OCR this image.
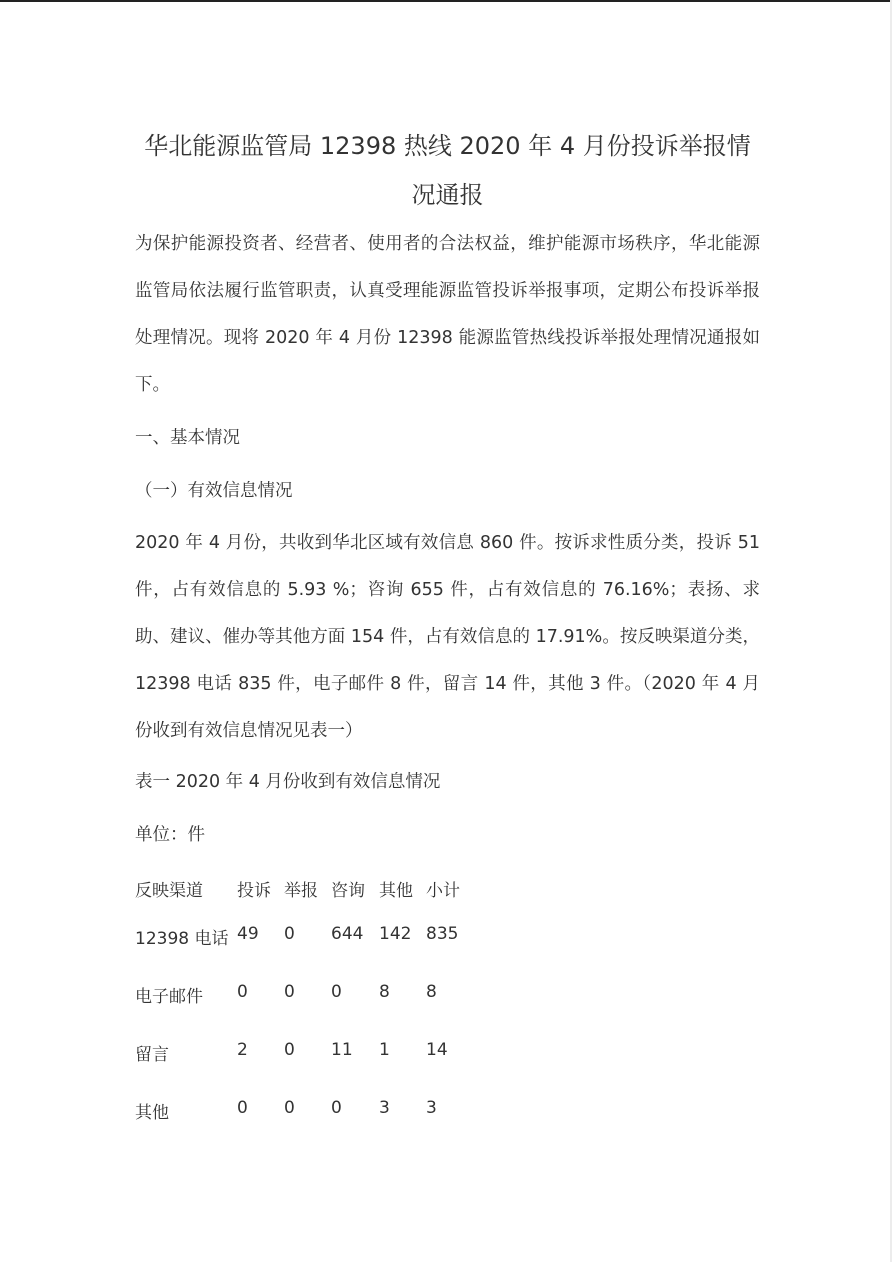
华北能源监管局 12398 热线 2020 年 4 月份投诉举报情况通报
为保护能源投资者、经营者、使用者的合法权益，维护能源市场秩序，华北能源监管局依法履行监管职责，认真受理能源监管投诉举报事项，定期公布投诉举报处理情况。现将 2020 年 4 月份 12398 能源监管热线投诉举报处理情况通报如下。
一、基本情况
（一）有效信息情况
2020 年 4 月份，共收到华北区域有效信息 860 件。按诉求性质分类，投诉 51 件，占有效信息的 5.93 %；咨询 655 件，占有效信息的 76.16%；表扬、求助、建议、催办等其他方面 154 件，占有效信息的 17.91%。按反映渠道分类，12398 电话 835 件，电子邮件 8 件，留言 14 件，其他 3 件。（2020 年 4 月份收到有效信息情况见表一）
表一 2020 年 4 月份收到有效信息情况
单位：件
反映渠道 投诉 举报 咨询 其他 小计
12398 电话 49 0 644 142 835
电子邮件 0 0 0 8 8
留言	2 0 11 1 14
其他	0 0 0 3 3
